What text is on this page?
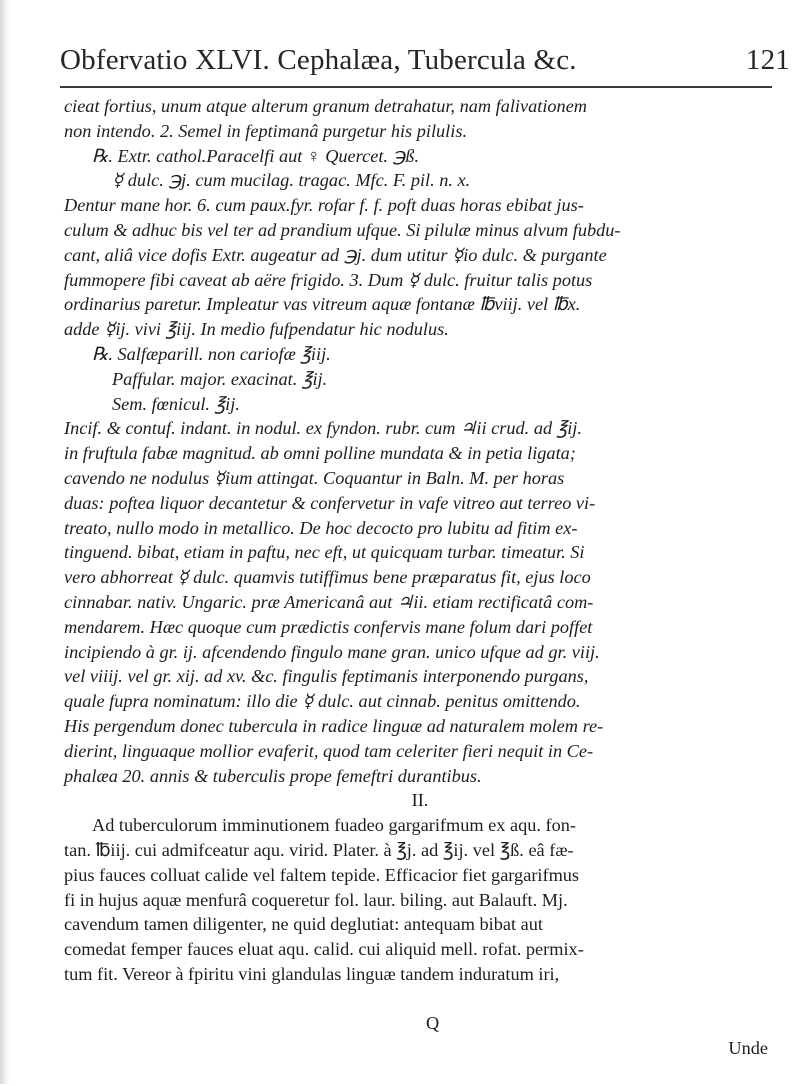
Obfervatio XLVI. Cephalæa, Tubercula &c.	121
cieat fortius, unum atque alterum granum detrahatur, nam falivationem
non intendo. 2. Semel in feptimanâ purgetur his pilulis.
℞. Extr. cathol.Paracelfi aut ♀ Quercet. ℈ß.
☿ dulc. ℈j. cum mucilag. tragac. Mfc. F. pil. n. x.
Dentur mane hor. 6. cum paux.fyr. rofar f. f. poft duas horas ebibat jus-
culum & adhuc bis vel ter ad prandium ufque. Si pilulæ minus alvum fubdu-
cant, aliâ vice dofis Extr. augeatur ad ℈j. dum utitur ☿io dulc. & purgante
fummopere fibi caveat ab aëre frigido. 3. Dum ☿ dulc. fruitur talis potus
ordinarius paretur. Impleatur vas vitreum aquæ fontanæ ℔viij. vel ℔x.
adde ☿ij. vivi ℥iij. In medio fufpendatur hic nodulus.
℞. Salfæparill. non cariofæ ℥iij.
Paffular. major. exacinat. ℥ij.
Sem. fœnicul. ℥ij.
Incif. & contuf. indant. in nodul. ex fyndon. rubr. cum ♃ii crud. ad ℥ij.
in fruftula fabæ magnitud. ab omni polline mundata & in petia ligata;
cavendo ne nodulus ☿ium attingat. Coquantur in Baln. M. per horas
duas: poftea liquor decantetur & confervetur in vafe vitreo aut terreo vi-
treato, nullo modo in metallico. De hoc decocto pro lubitu ad fitim ex-
tinguend. bibat, etiam in paftu, nec eft, ut quicquam turbar. timeatur. Si
vero abhorreat ☿ dulc. quamvis tutiffimus bene præparatus fit, ejus loco
cinnabar. nativ. Ungaric. præ Americanâ aut ♃ii. etiam rectificatâ com-
mendarem. Hæc quoque cum prædictis confervis mane folum dari poffet
incipiendo à gr. ij. afcendendo fingulo mane gran. unico ufque ad gr. viij.
vel viiij. vel gr. xij. ad xv. &c. fingulis feptimanis interponendo purgans,
quale fupra nominatum: illo die ☿ dulc. aut cinnab. penitus omittendo.
His pergendum donec tubercula in radice linguæ ad naturalem molem re-
dierint, linguaque mollior evaferit, quod tam celeriter fieri nequit in Ce-
phalæa 20. annis & tuberculis prope femeftri durantibus.
II.
Ad tuberculorum imminutionem fuadeo gargarifmum ex aqu. fon-
tan. ℔iij. cui admifceatur aqu. virid. Plater. à ℥j. ad ℥ij. vel ℥ß. eâ fæ-
pius fauces colluat calide vel faltem tepide. Efficacior fiet gargarifmus
fi in hujus aquæ menfurâ coqueretur fol. laur. biling. aut Balauft. Mj.
cavendum tamen diligenter, ne quid deglutiat: antequam bibat aut
comedat femper fauces eluat aqu. calid. cui aliquid mell. rofat. permix-
tum fit. Vereor à fpiritu vini glandulas linguæ tandem induratum iri,

Q

Unde
